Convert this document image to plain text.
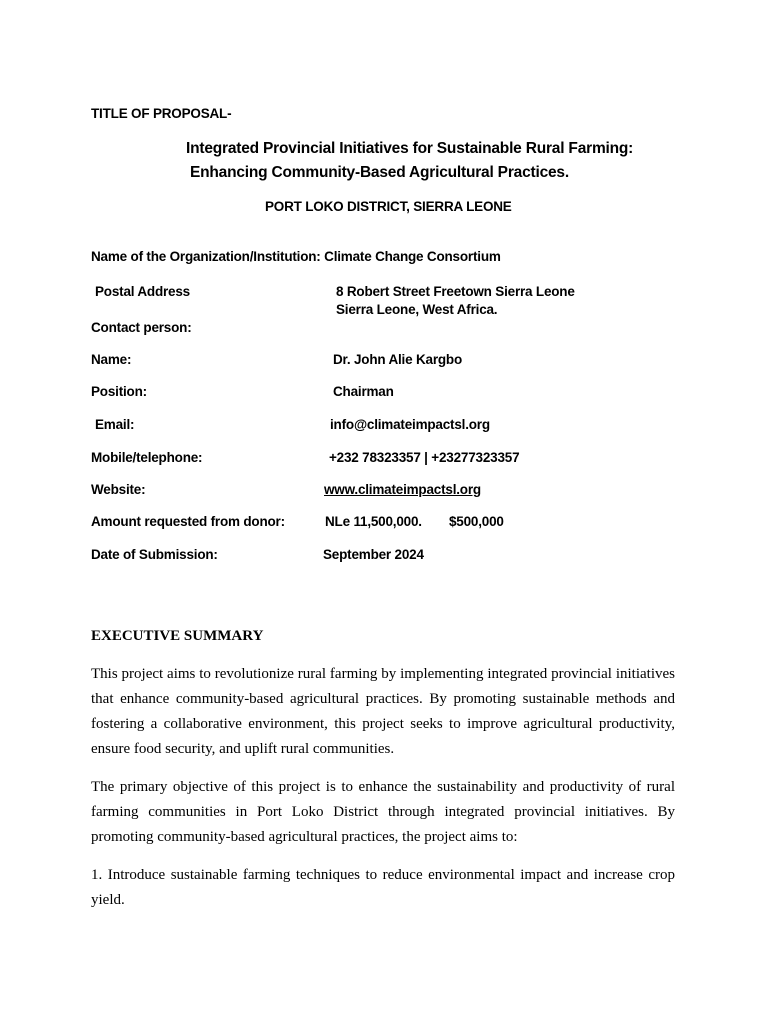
TITLE OF PROPOSAL-
Integrated Provincial Initiatives for Sustainable Rural Farming:
Enhancing Community-Based Agricultural Practices.
PORT LOKO DISTRICT, SIERRA LEONE
Name of the Organization/Institution: Climate Change Consortium
Postal Address	8 Robert Street Freetown Sierra Leone
Sierra Leone, West Africa.
Contact person:
Name:	Dr. John Alie Kargbo
Position:	Chairman
Email:	info@climateimpactsl.org
Mobile/telephone:	+232 78323357 | +23277323357
Website:	www.climateimpactsl.org
Amount requested from donor:	NLe 11,500,000. $500,000
Date of Submission:	September 2024
EXECUTIVE SUMMARY

This project aims to revolutionize rural farming by implementing integrated provincial initiatives that enhance community-based agricultural practices. By promoting sustainable methods and fostering a collaborative environment, this project seeks to improve agricultural productivity, ensure food security, and uplift rural communities.

The primary objective of this project is to enhance the sustainability and productivity of rural farming communities in Port Loko District through integrated provincial initiatives. By promoting community-based agricultural practices, the project aims to:

1. Introduce sustainable farming techniques to reduce environmental impact and increase crop yield.
